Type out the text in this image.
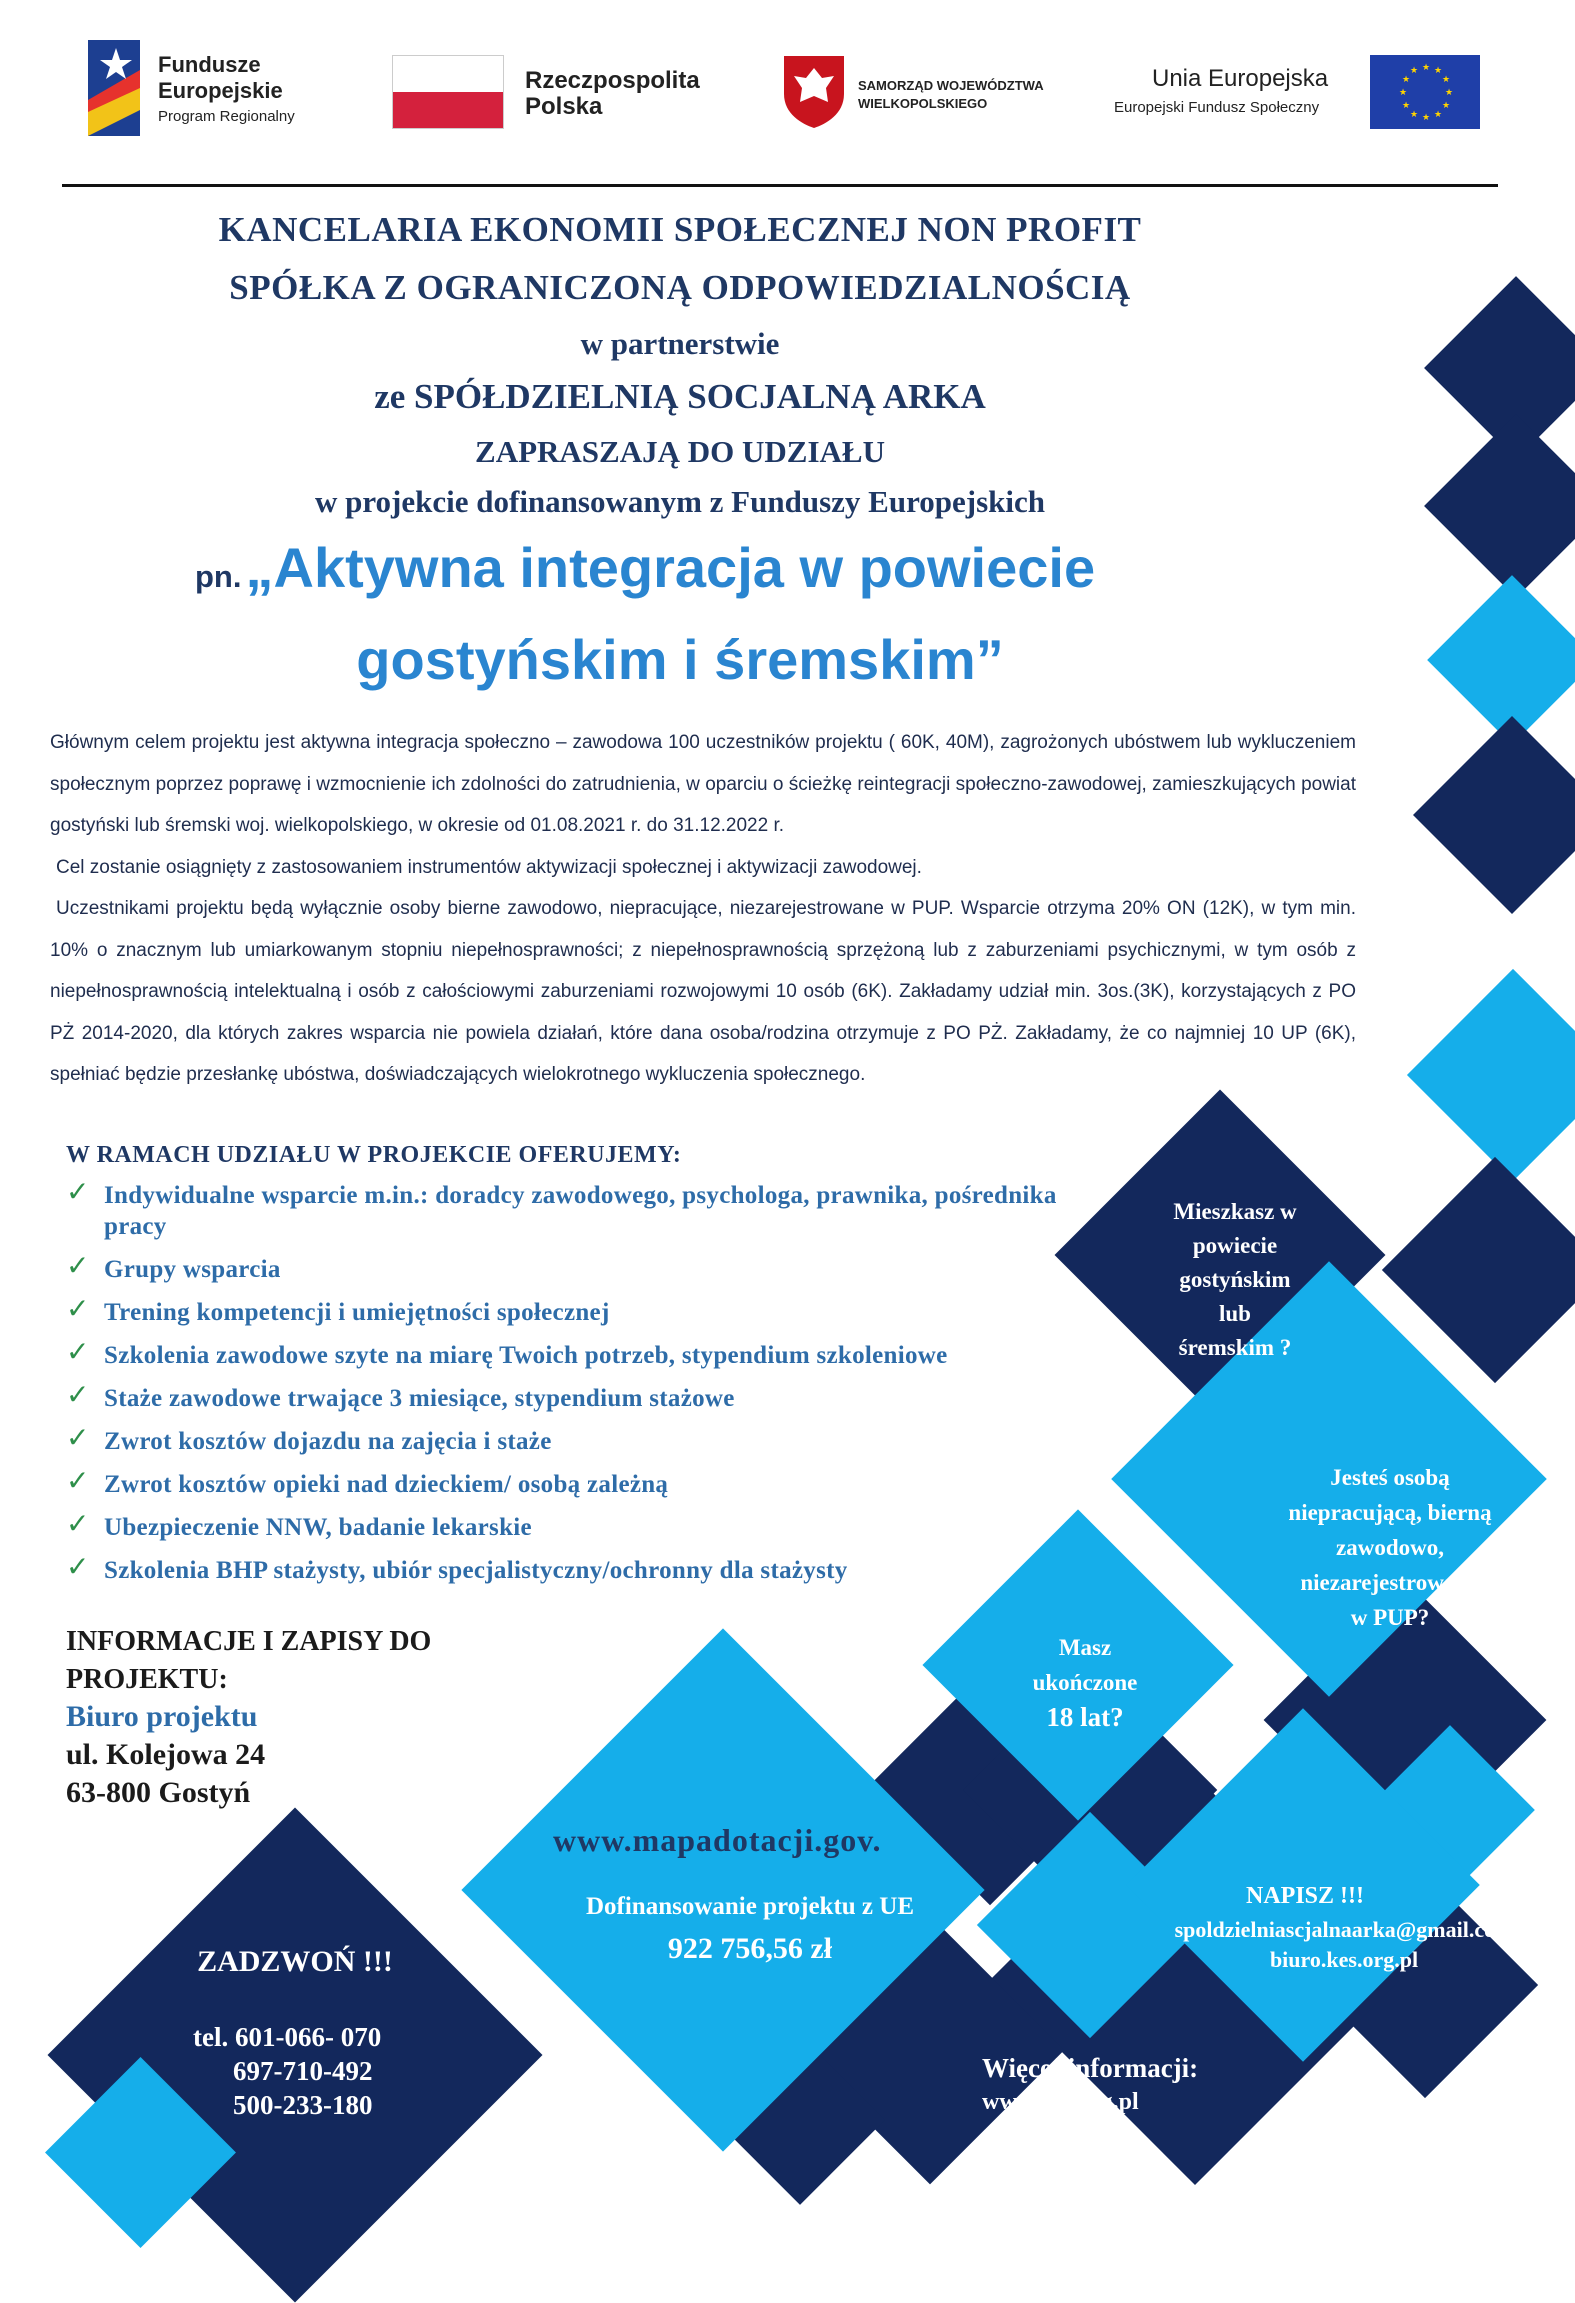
Fundusze
Europejskie
Program Regionalny
Rzeczpospolita
Polska
SAMORZĄD WOJEWÓDZTWA
WIELKOPOLSKIEGO
Unia Europejska
Europejski Fundusz Społeczny
★ ★
★
★
★
★
★
★
★
★
★
★
KANCELARIA EKONOMII SPOŁECZNEJ NON PROFIT
SPÓŁKA Z OGRANICZONĄ ODPOWIEDZIALNOŚCIĄ
w partnerstwie
ze SPÓŁDZIELNIĄ SOCJALNĄ ARKA
ZAPRASZAJĄ DO UDZIAŁU
w projekcie dofinansowanym z Funduszy Europejskich
pn. „Aktywna integracja w powiecie
gostyńskim i śremskim”

Głównym celem projektu jest aktywna integracja społeczno – zawodowa 100 uczestników projektu ( 60K, 40M), zagrożonych ubóstwem lub wykluczeniem społecznym poprzez poprawę i wzmocnienie ich zdolności do zatrudnienia, w oparciu o ścieżkę reintegracji społeczno-zawodowej, zamieszkujących powiat gostyński lub śremski woj. wielkopolskiego, w okresie od 01.08.2021 r. do 31.12.2022 r.

Cel zostanie osiągnięty z zastosowaniem instrumentów aktywizacji społecznej i aktywizacji zawodowej.

Uczestnikami projektu będą wyłącznie osoby bierne zawodowo, niepracujące, niezarejestrowane w PUP. Wsparcie otrzyma 20% ON (12K), w tym min. 10% o znacznym lub umiarkowanym stopniu niepełnosprawności; z niepełnosprawnością sprzężoną lub z zaburzeniami psychicznymi, w tym osób z niepełnosprawnością intelektualną i osób z całościowymi zaburzeniami rozwojowymi 10 osób (6K). Zakładamy udział min. 3os.(3K), korzystających z PO PŻ 2014-2020, dla których zakres wsparcia nie powiela działań, które dana osoba/rodzina otrzymuje z PO PŻ. Zakładamy, że co najmniej 10 UP (6K), spełniać będzie przesłankę ubóstwa, doświadczających wielokrotnego wykluczenia społecznego.

W RAMACH UDZIAŁU W PROJEKCIE OFERUJEMY:
✓ Indywidualne wsparcie m.in.: doradcy zawodowego, psychologa, prawnika, pośrednika pracy
✓ Grupy wsparcia
✓ Trening kompetencji i umiejętności społecznej
✓ Szkolenia zawodowe szyte na miarę Twoich potrzeb, stypendium szkoleniowe
✓ Staże zawodowe trwające 3 miesiące, stypendium stażowe
✓ Zwrot kosztów dojazdu na zajęcia i staże
✓ Zwrot kosztów opieki nad dzieckiem/ osobą zależną
✓ Ubezpieczenie NNW, badanie lekarskie
✓ Szkolenia BHP stażysty, ubiór specjalistyczny/ochronny dla stażysty
INFORMACJE I ZAPISY DO
PROJEKTU:
Biuro projektu
ul. Kolejowa 24
63-800 Gostyń
Mieszkasz w
powiecie
gostyńskim
lub
śremskim ?
Jesteś osobą
niepracującą, bierną
zawodowo,
niezarejestrowaną
w PUP?
Masz
ukończone
18 lat?
www.mapadotacji.gov.
Dofinansowanie projektu z UE
922 756,56 zł
ZADZWOŃ !!!
tel. 601-066- 070
697-710-492
500-233-180
NAPISZ !!!
spoldzielniascjalnaarka@gmail.com
biuro.kes.org.pl
Więcej informacji:
www.kes.org.pl
